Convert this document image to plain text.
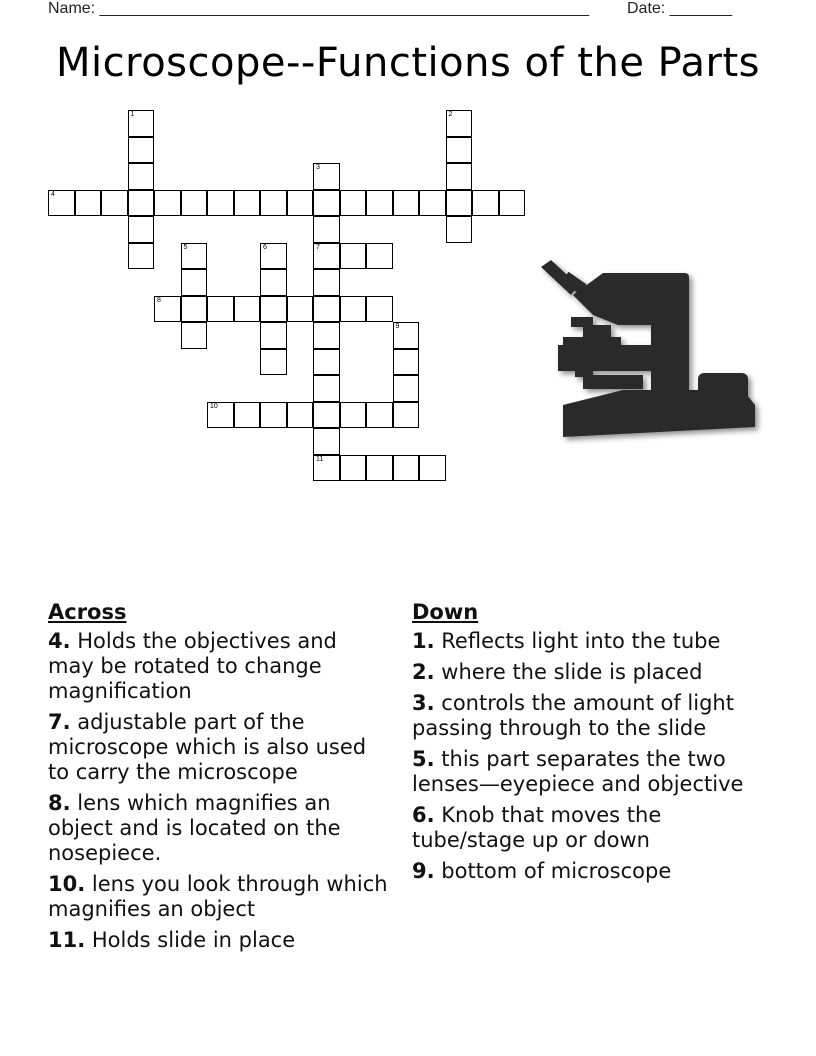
Name: _______________________________________________________ Date: _______
Microscope--Functions of the Parts
4
7
8
10
11
1	2
3
5	6
9
Across
4. Holds the objectives and may be rotated to change magnification
7. adjustable part of the microscope which is also used to carry the microscope
8. lens which magnifies an object and is located on the nosepiece.
10. lens you look through which magnifies an object
11. Holds slide in place
Down
1. Reflects light into the tube
2. where the slide is placed
3. controls the amount of light passing through to the slide
5. this part separates the two lenses—eyepiece and objective
6. Knob that moves the tube/stage up or down
9. bottom of microscope
